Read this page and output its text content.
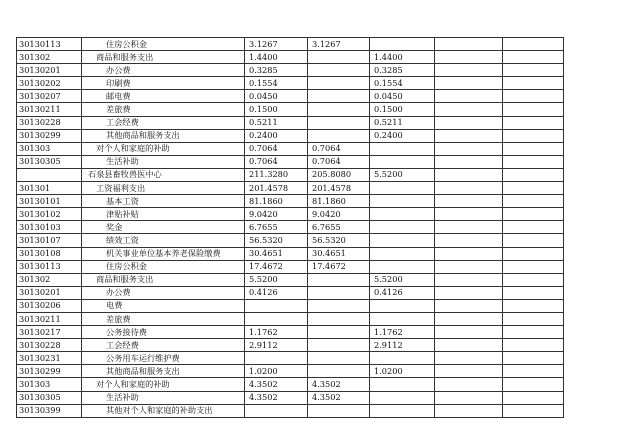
30130113	住房公积金	3.1267	3.1267			
301302	商品和服务支出	1.4400		1.4400		
30130201	办公费	0.3285		0.3285		
30130202	印刷费	0.1554		0.1554		
30130207	邮电费	0.0450		0.0450		
30130211	差旅费	0.1500		0.1500		
30130228	工会经费	0.5211		0.5211		
30130299	其他商品和服务支出	0.2400		0.2400		
301303	对个人和家庭的补助	0.7064	0.7064			
30130305	生活补助	0.7064	0.7064			
	石泉县畜牧兽医中心	211.3280	205.8080	5.5200		
301301	工资福利支出	201.4578	201.4578			
30130101	基本工资	81.1860	81.1860			
30130102	津贴补贴	9.0420	9.0420			
30130103	奖金	6.7655	6.7655			
30130107	绩效工资	56.5320	56.5320			
30130108	机关事业单位基本养老保险缴费	30.4651	30.4651			
30130113	住房公积金	17.4672	17.4672			
301302	商品和服务支出	5.5200		5.5200		
30130201	办公费	0.4126		0.4126		
30130206	电费					
30130211	差旅费					
30130217	公务接待费	1.1762		1.1762		
30130228	工会经费	2.9112		2.9112		
30130231	公务用车运行维护费					
30130299	其他商品和服务支出	1.0200		1.0200		
301303	对个人和家庭的补助	4.3502	4.3502			
30130305	生活补助	4.3502	4.3502			
30130399	其他对个人和家庭的补助支出					
